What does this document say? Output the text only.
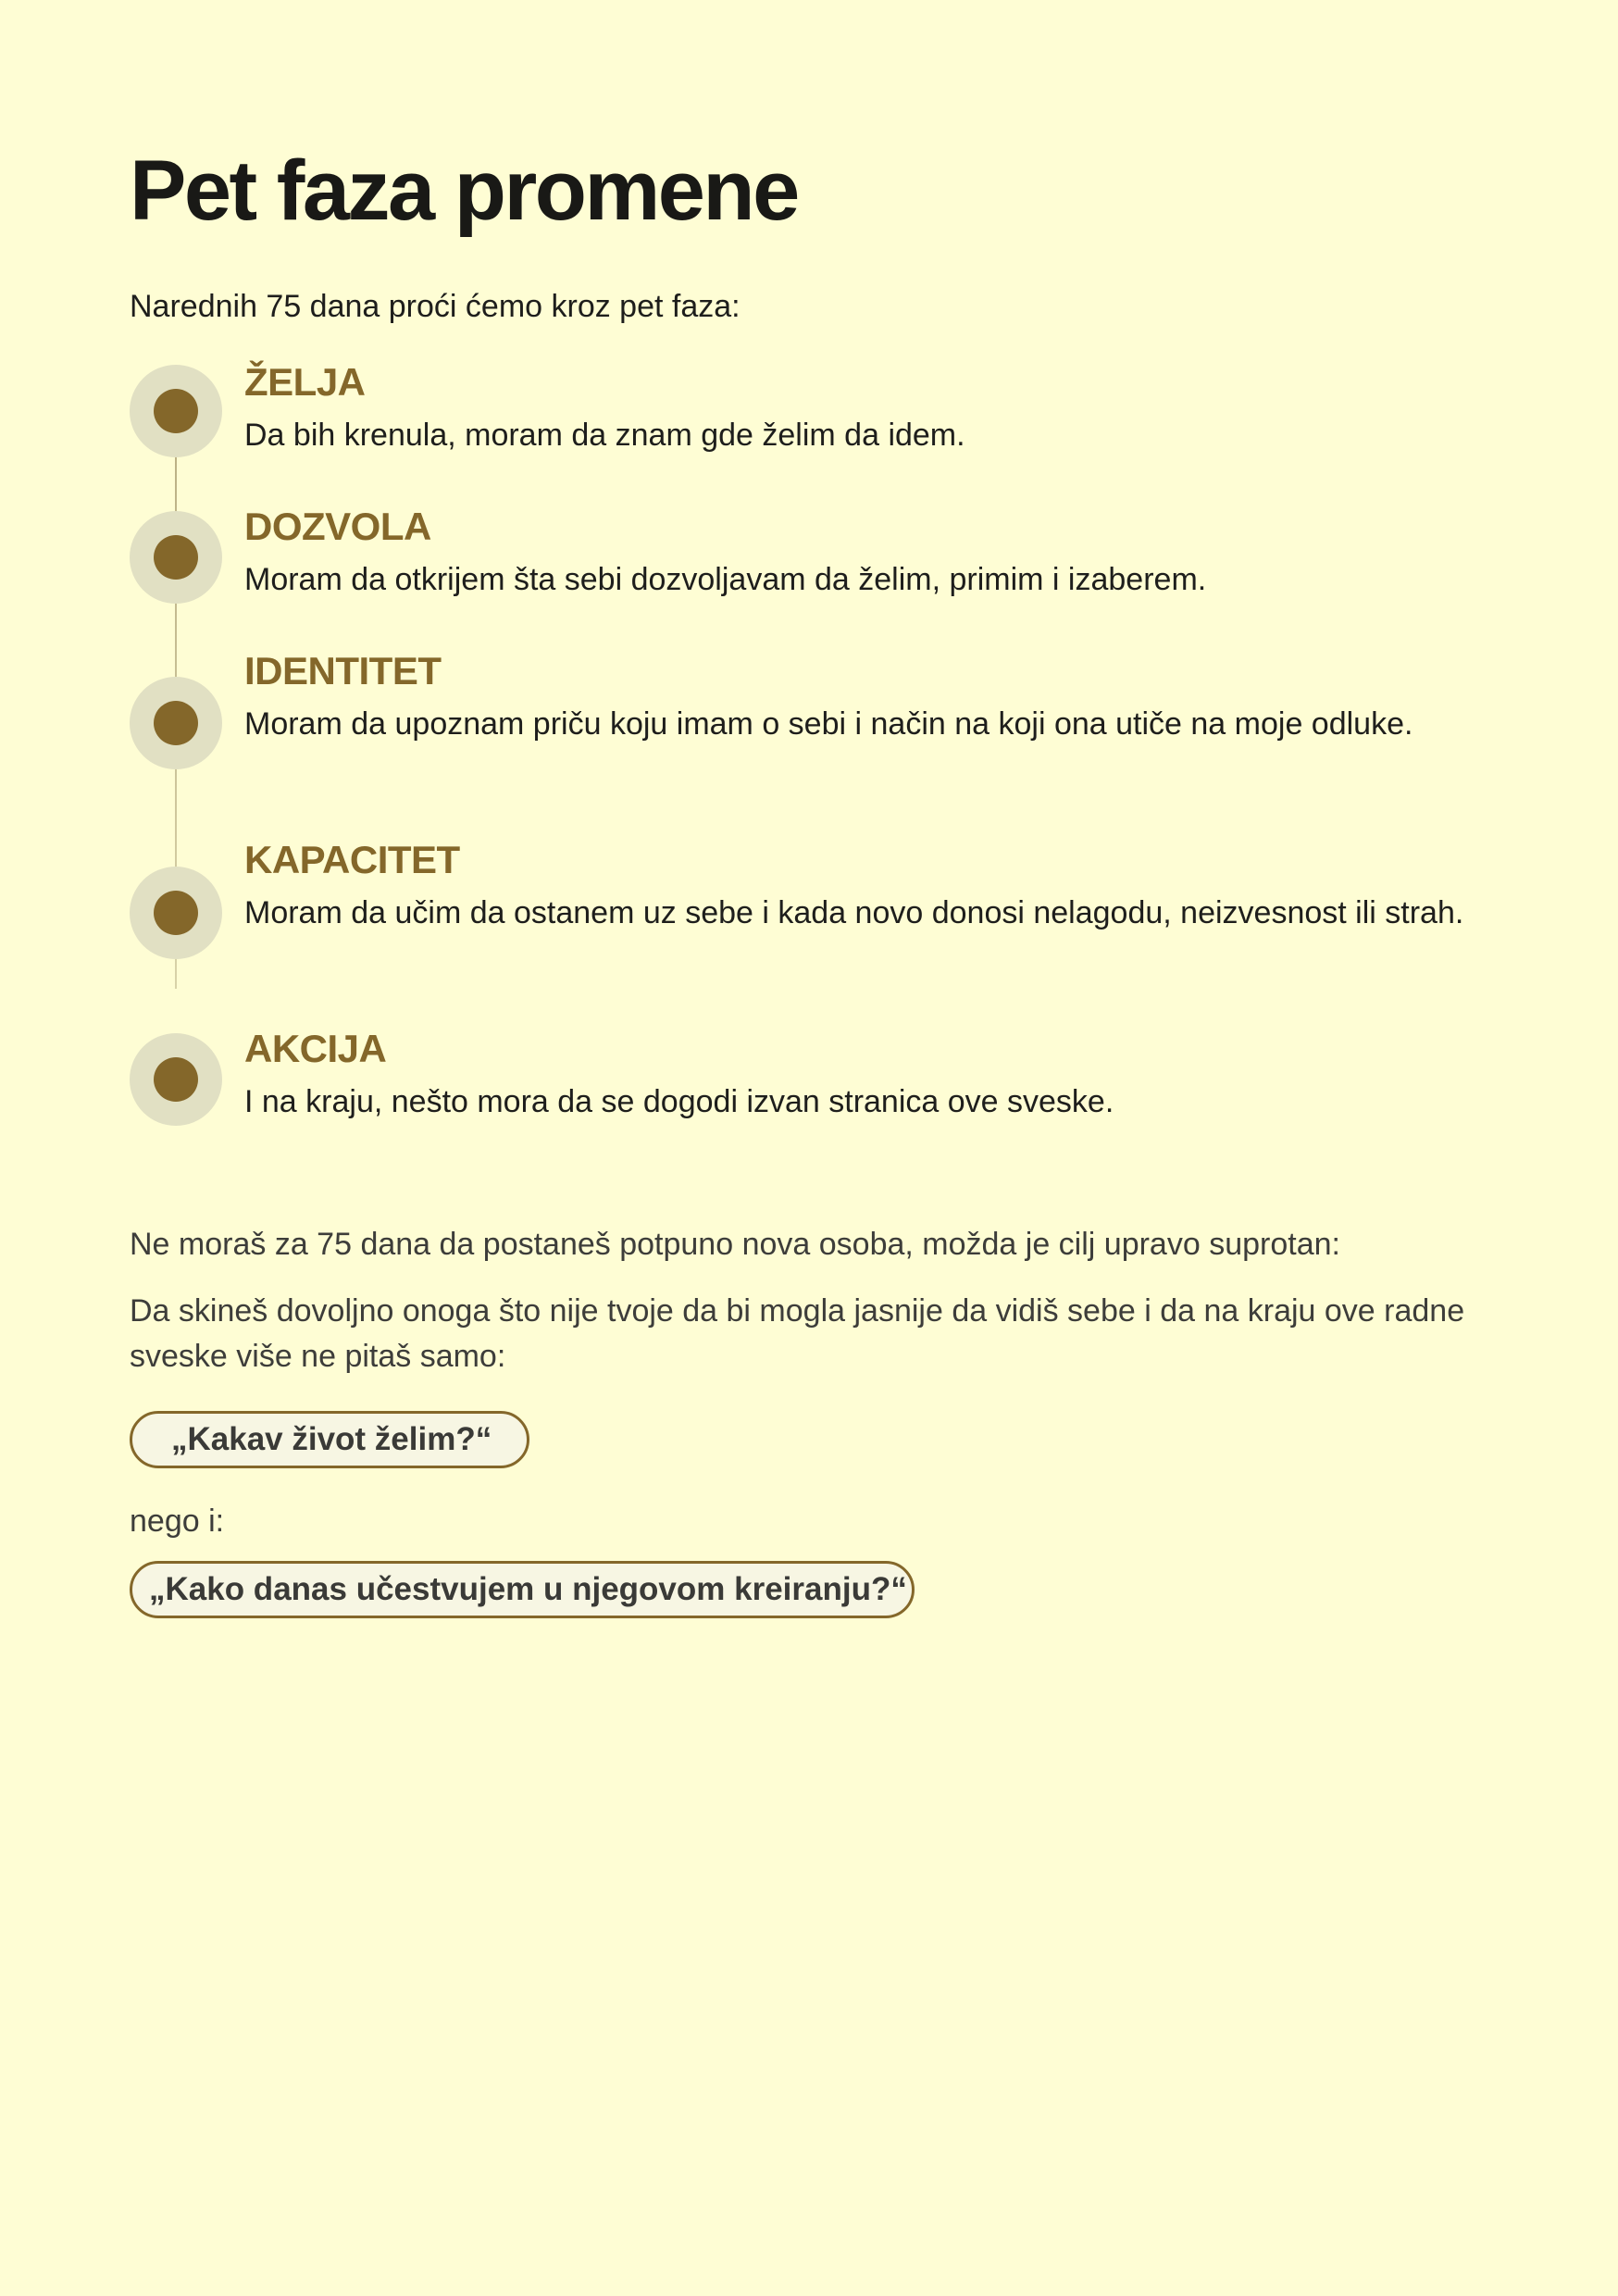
Pet faza promene

Narednih 75 dana proći ćemo kroz pet faza:

ŽELJA

Da bih krenula, moram da znam gde želim da idem.

DOZVOLA

Moram da otkrijem šta sebi dozvoljavam da želim, primim i izaberem.

IDENTITET

Moram da upoznam priču koju imam o sebi i način na koji ona utiče na moje odluke.

KAPACITET

Moram da učim da ostanem uz sebe i kada novo donosi nelagodu, neizvesnost ili strah.

AKCIJA

I na kraju, nešto mora da se dogodi izvan stranica ove sveske.

Ne moraš za 75 dana da postaneš potpuno nova osoba, možda je cilj upravo suprotan:

Da skineš dovoljno onoga što nije tvoje da bi mogla jasnije da vidiš sebe i da na kraju ove radne sveske više ne pitaš samo:

„Kakav život želim?“

nego i:

„Kako danas učestvujem u njegovom kreiranju?“
